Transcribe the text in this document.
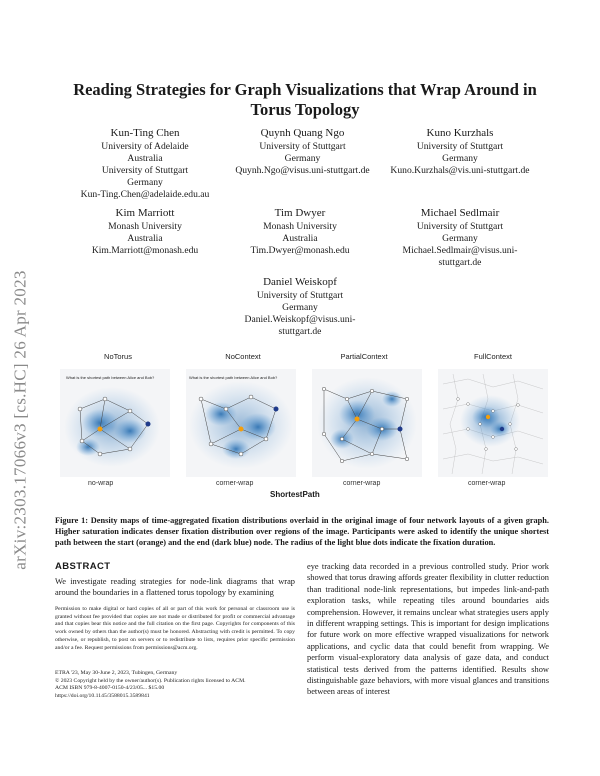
arXiv:2303.17066v3 [cs.HC] 26 Apr 2023
Reading Strategies for Graph Visualizations that Wrap Around in Torus Topology
Kun-Ting Chen
University of Adelaide
Australia
University of Stuttgart
Germany
Kun-Ting.Chen@adelaide.edu.au
Quynh Quang Ngo
University of Stuttgart
Germany
Quynh.Ngo@visus.uni-stuttgart.de
Kuno Kurzhals
University of Stuttgart
Germany
Kuno.Kurzhals@vis.uni-stuttgart.de
Kim Marriott
Monash University
Australia
Kim.Marriott@monash.edu
Tim Dwyer
Monash University
Australia
Tim.Dwyer@monash.edu
Michael Sedlmair
University of Stuttgart
Germany
Michael.Sedlmair@visus.uni-
stuttgart.de
Daniel Weiskopf
University of Stuttgart
Germany
Daniel.Weiskopf@visus.uni-
stuttgart.de
NoTorus
What is the shortest path between Alice and Bob?
no-wrap
NoContext
What is the shortest path between Alice and Bob?
corner-wrap
PartialContext
corner-wrap
FullContext
corner-wrap
ShortestPath

Figure 1: Density maps of time-aggregated fixation distributions overlaid in the original image of four network layouts of a given graph. Higher saturation indicates denser fixation distribution over regions of the image. Participants were asked to identify the unique shortest path between the start (orange) and the end (dark blue) node. The radius of the light blue dots indicate the fixation duration.

ABSTRACT

We investigate reading strategies for node-link diagrams that wrap around the boundaries in a flattened torus topology by examining

Permission to make digital or hard copies of all or part of this work for personal or classroom use is granted without fee provided that copies are not made or distributed for profit or commercial advantage and that copies bear this notice and the full citation on the first page. Copyrights for components of this work owned by others than the author(s) must be honored. Abstracting with credit is permitted. To copy otherwise, or republish, to post on servers or to redistribute to lists, requires prior specific permission and/or a fee. Request permissions from permissions@acm.org.

ETRA '23, May 30-June 2, 2023, Tubingen, Germany
© 2023 Copyright held by the owner/author(s). Publication rights licensed to ACM.
ACM ISBN 979-8-4007-0150-4/23/05... $15.00
https://doi.org/10.1145/3588015.3589841

eye tracking data recorded in a previous controlled study. Prior work showed that torus drawing affords greater flexibility in clutter reduction than traditional node-link representations, but impedes link-and-path exploration tasks, while repeating tiles around boundaries aids comprehension. However, it remains unclear what strategies users apply in different wrapping settings. This is important for design implications for future work on more effective wrapped visualizations for network applications, and cyclic data that could benefit from wrapping. We perform visual-exploratory data analysis of gaze data, and conduct statistical tests derived from the patterns identified. Results show distinguishable gaze behaviors, with more visual glances and transitions between areas of interest
